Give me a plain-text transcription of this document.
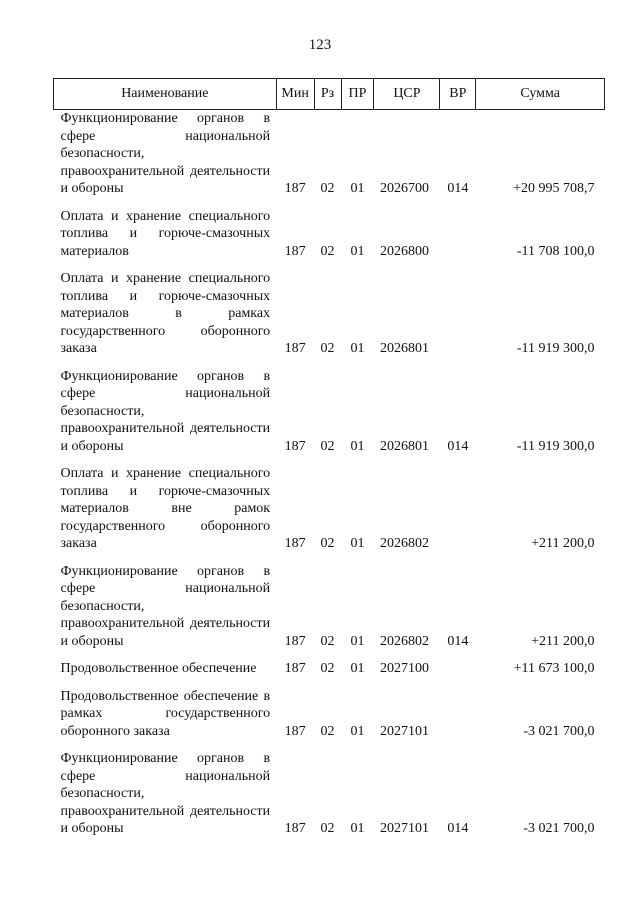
123
Наименование	Мин	Рз	ПР	ЦСР	ВР	Сумма
Функционирование органов в сфере национальной безопасности, правоохранительной деятельности и обороны	187	02	01	2026700	014	+20 995 708,7
Оплата и хранение специального топлива и горюче-смазочных материалов	187	02	01	2026800		-11 708 100,0
Оплата и хранение специального топлива и горюче-смазочных материалов в рамках государственного оборонного заказа	187	02	01	2026801		-11 919 300,0
Функционирование органов в сфере национальной безопасности, правоохранительной деятельности и обороны	187	02	01	2026801	014	-11 919 300,0
Оплата и хранение специального топлива и горюче-смазочных материалов вне рамок государственного оборонного заказа	187	02	01	2026802		+211 200,0
Функционирование органов в сфере национальной безопасности, правоохранительной деятельности и обороны	187	02	01	2026802	014	+211 200,0
Продовольственное обеспечение	187	02	01	2027100		+11 673 100,0
Продовольственное обеспечение в рамках государственного оборонного заказа	187	02	01	2027101		-3 021 700,0
Функционирование органов в сфере национальной безопасности, правоохранительной деятельности и обороны	187	02	01	2027101	014	-3 021 700,0
